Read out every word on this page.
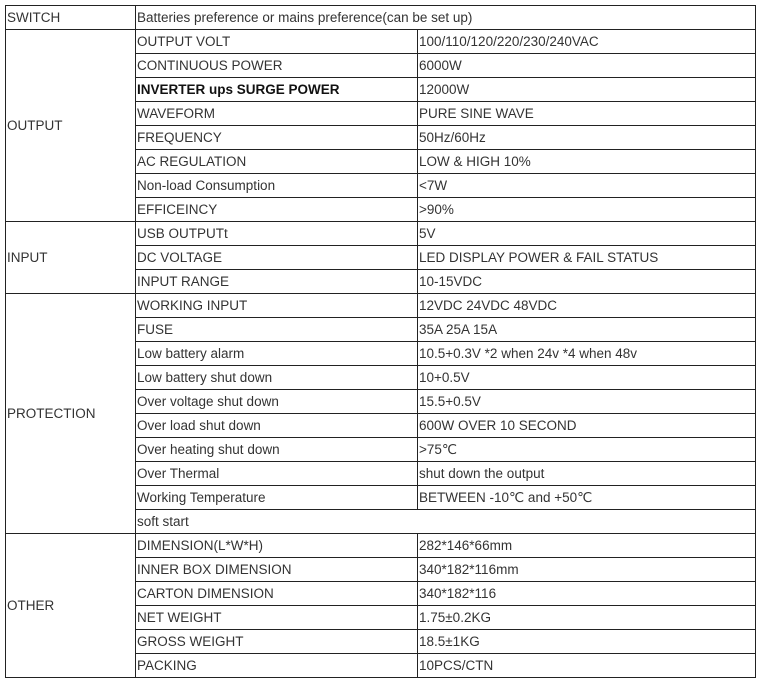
SWITCH	Batteries preference or mains preference(can be set up)	
OUTPUT	OUTPUT VOLT	100/110/120/220/230/240VAC
	CONTINUOUS POWER	6000W
	INVERTER ups SURGE POWER	12000W
	WAVEFORM	PURE SINE WAVE
	FREQUENCY	50Hz/60Hz
	AC REGULATION	LOW & HIGH 10%
	Non-load Consumption	<7W
	EFFICEINCY	>90%
INPUT	USB OUTPUTt	5V
	DC VOLTAGE	LED DISPLAY POWER & FAIL STATUS
	INPUT RANGE	10-15VDC
PROTECTION	WORKING INPUT	12VDC 24VDC 48VDC
	FUSE	35A 25A 15A
	Low battery alarm	10.5+0.3V *2 when 24v *4 when 48v
	Low battery shut down	10+0.5V
	Over voltage shut down	15.5+0.5V
	Over load shut down	600W OVER 10 SECOND
	Over heating shut down	>75℃
	Over Thermal	shut down the output
	Working Temperature	BETWEEN -10℃ and +50℃
	soft start	
OTHER	DIMENSION(L*W*H)	282*146*66mm
	INNER BOX DIMENSION	340*182*116mm
	CARTON DIMENSION	340*182*116
	NET WEIGHT	1.75±0.2KG
	GROSS WEIGHT	18.5±1KG
	PACKING	10PCS/CTN
